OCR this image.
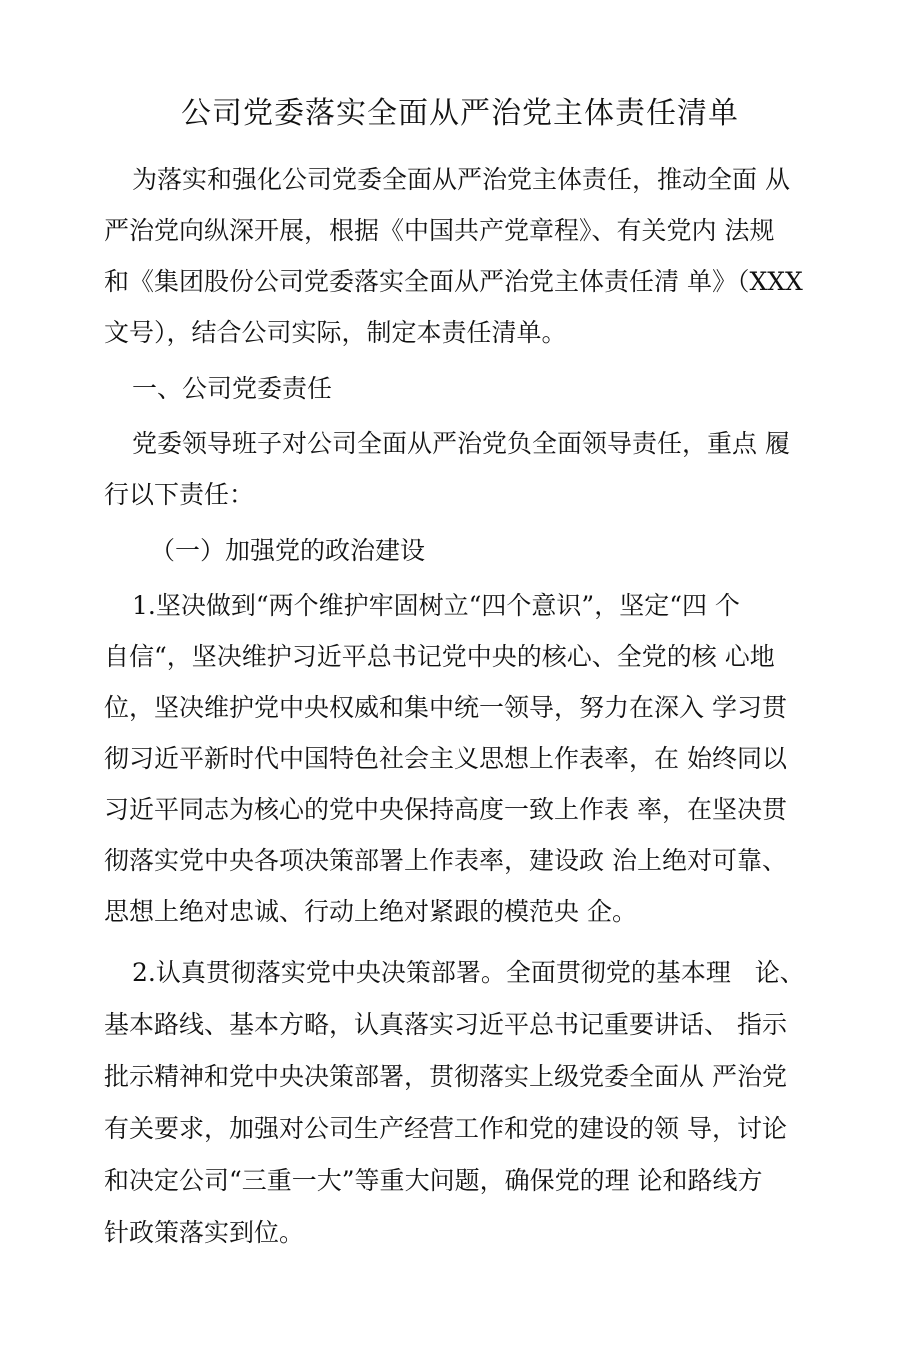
公司党委落实全面从严治党主体责任清单
为落实和强化公司党委全面从严治党主体责任，推动全面 从
严治党向纵深开展，根据《中国共产党章程》、有关党内 法规
和《集团股份公司党委落实全面从严治党主体责任清 单》（XXX
文号），结合公司实际，制定本责任清单。
一、公司党委责任
党委领导班子对公司全面从严治党负全面领导责任，重点 履
行以下责任：
（一）加强党的政治建设
1.坚决做到“两个维护牢固树立“四个意识”，坚定“四 个
自信“，坚决维护习近平总书记党中央的核心、全党的核 心地
位，坚决维护党中央权威和集中统一领导，努力在深入 学习贯
彻习近平新时代中国特色社会主义思想上作表率，在 始终同以
习近平同志为核心的党中央保持高度一致上作表 率，在坚决贯
彻落实党中央各项决策部署上作表率，建设政 治上绝对可靠、
思想上绝对忠诚、行动上绝对紧跟的模范央 企。
2.认真贯彻落实党中央决策部署。全面贯彻党的基本理   论、
基本路线、基本方略，认真落实习近平总书记重要讲话、 指示
批示精神和党中央决策部署，贯彻落实上级党委全面从 严治党
有关要求，加强对公司生产经营工作和党的建设的领 导，讨论
和决定公司“三重一大”等重大问题，确保党的理 论和路线方
针政策落实到位。
